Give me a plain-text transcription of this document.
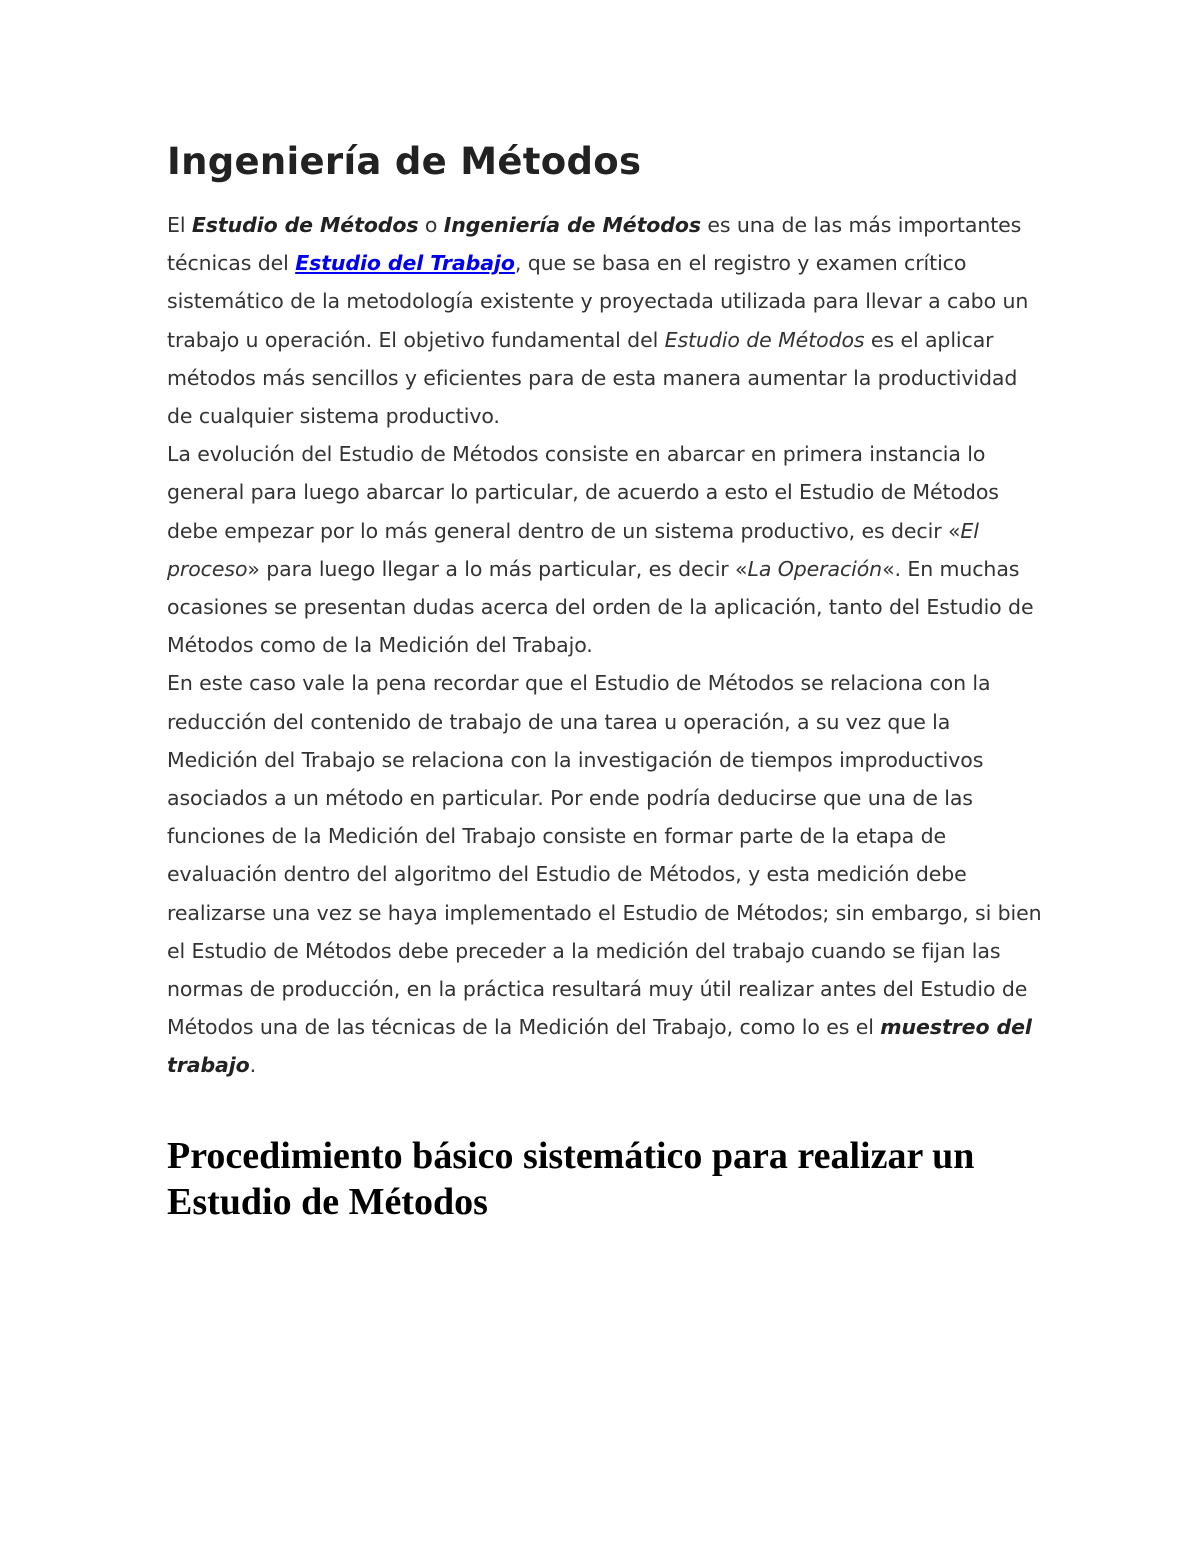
Ingeniería de Métodos

El Estudio de Métodos o Ingeniería de Métodos es una de las más importantes técnicas del Estudio del Trabajo, que se basa en el registro y examen crítico sistemático de la metodología existente y proyectada utilizada para llevar a cabo un trabajo u operación. El objetivo fundamental del Estudio de Métodos es el aplicar métodos más sencillos y eficientes para de esta manera aumentar la productividad de cualquier sistema productivo.

La evolución del Estudio de Métodos consiste en abarcar en primera instancia lo general para luego abarcar lo particular, de acuerdo a esto el Estudio de Métodos debe empezar por lo más general dentro de un sistema productivo, es decir «El proceso» para luego llegar a lo más particular, es decir «La Operación«. En muchas ocasiones se presentan dudas acerca del orden de la aplicación, tanto del Estudio de Métodos como de la Medición del Trabajo.

En este caso vale la pena recordar que el Estudio de Métodos se relaciona con la reducción del contenido de trabajo de una tarea u operación, a su vez que la Medición del Trabajo se relaciona con la investigación de tiempos improductivos asociados a un método en particular. Por ende podría deducirse que una de las funciones de la Medición del Trabajo consiste en formar parte de la etapa de evaluación dentro del algoritmo del Estudio de Métodos, y esta medición debe realizarse una vez se haya implementado el Estudio de Métodos; sin embargo, si bien el Estudio de Métodos debe preceder a la medición del trabajo cuando se fijan las normas de producción, en la práctica resultará muy útil realizar antes del Estudio de Métodos una de las técnicas de la Medición del Trabajo, como lo es el muestreo del trabajo.

Procedimiento básico sistemático para realizar un Estudio de Métodos
